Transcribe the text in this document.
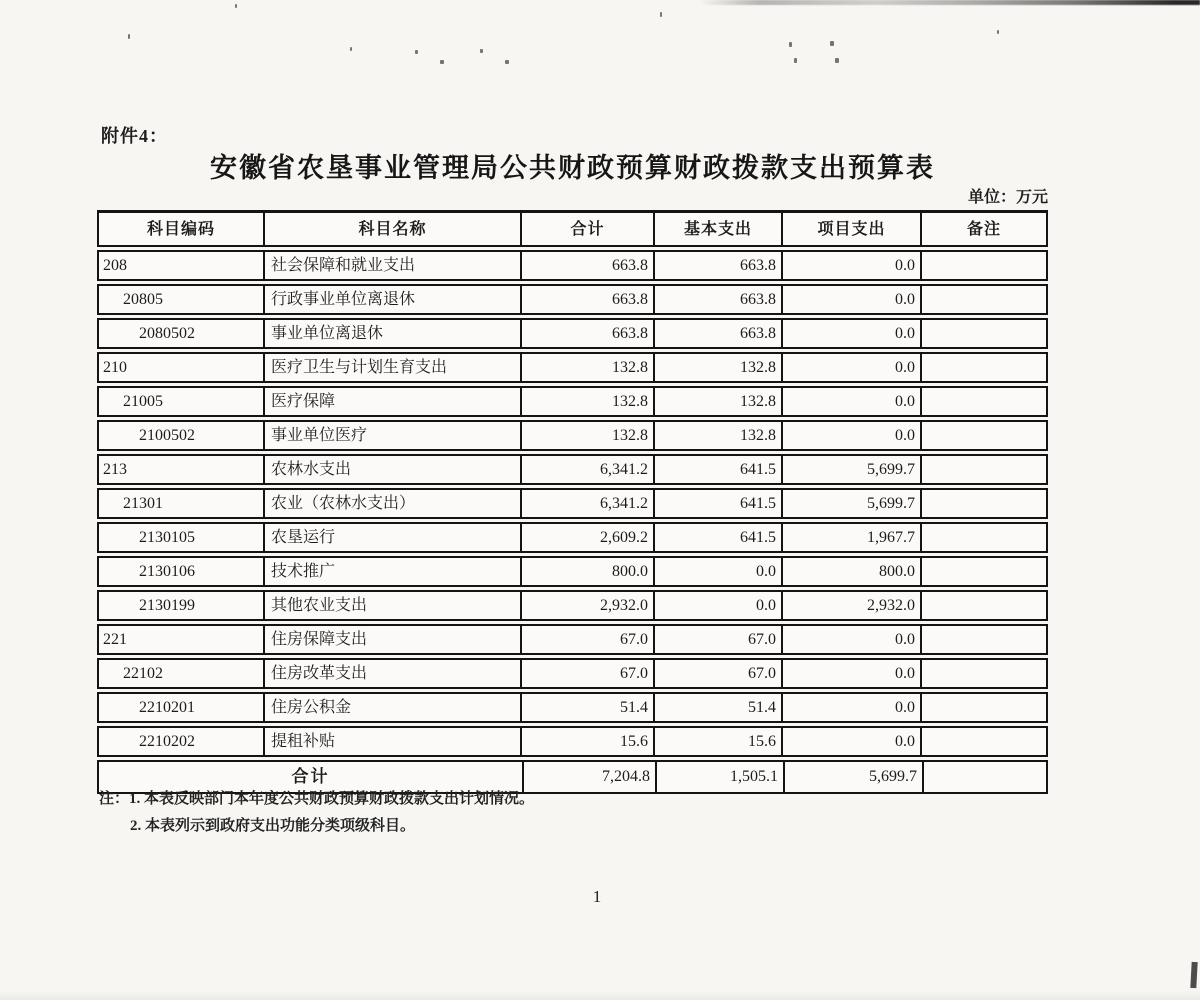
附件4：
安徽省农垦事业管理局公共财政预算财政拨款支出预算表
单位：万元
科目编码	科目名称	合计	基本支出	项目支出	备注
208	社会保障和就业支出	663.8	663.8	0.0
20805	行政事业单位离退休	663.8	663.8	0.0
2080502	事业单位离退休	663.8	663.8	0.0
210	医疗卫生与计划生育支出	132.8	132.8	0.0
21005	医疗保障	132.8	132.8	0.0
2100502	事业单位医疗	132.8	132.8	0.0
213	农林水支出	6,341.2	641.5	5,699.7
21301	农业（农林水支出）	6,341.2	641.5	5,699.7
2130105	农垦运行	2,609.2	641.5	1,967.7
2130106	技术推广	800.0	0.0	800.0
2130199	其他农业支出	2,932.0	0.0	2,932.0
221	住房保障支出	67.0	67.0	0.0
22102	住房改革支出	67.0	67.0	0.0
2210201	住房公积金	51.4	51.4	0.0
2210202	提租补贴	15.6	15.6	0.0
合计	7,204.8	1,505.1	5,699.7
注：1. 本表反映部门本年度公共财政预算财政拨款支出计划情况。
2. 本表列示到政府支出功能分类项级科目。
1
